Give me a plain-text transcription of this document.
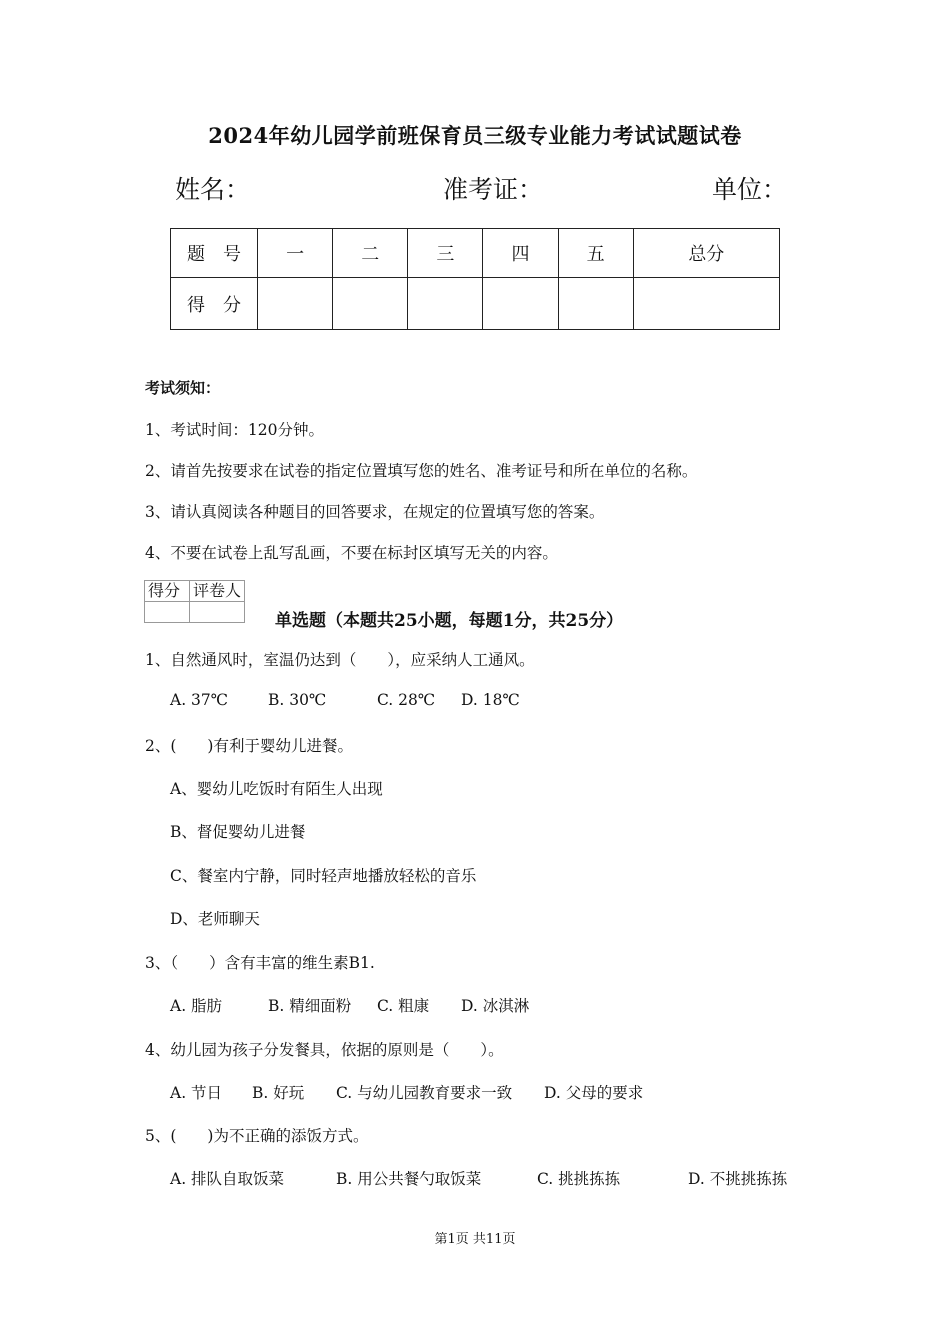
2024年幼儿园学前班保育员三级专业能力考试试题试卷
姓名：	准考证：	单位：
题　号	一	二	三	四	五	总分
得　分						
考试须知：
1、考试时间：120分钟。
2、请首先按要求在试卷的指定位置填写您的姓名、准考证号和所在单位的名称。
3、请认真阅读各种题目的回答要求，在规定的位置填写您的答案。
4、不要在试卷上乱写乱画，不要在标封区填写无关的内容。
得分	评卷人

单选题（本题共25小题，每题1分，共25分）
1、自然通风时，室温仍达到（　　），应采纳人工通风。
A. 37℃	B. 30℃	C. 28℃ D. 18℃
2、(　　)有利于婴幼儿进餐。
A、婴幼儿吃饭时有陌生人出现
B、督促婴幼儿进餐
C、餐室内宁静，同时轻声地播放轻松的音乐
D、老师聊天
3、（　　）含有丰富的维生素B1.
A. 脂肪	B. 精细面粉 C. 粗康 D. 冰淇淋
4、幼儿园为孩子分发餐具，依据的原则是（　　）。
A. 节日 B. 好玩 C. 与幼儿园教育要求一致 D. 父母的要求
5、(　　)为不正确的添饭方式。
A. 排队自取饭菜	B. 用公共餐勺取饭菜	C. 挑挑拣拣	D. 不挑挑拣拣
第1页 共11页
